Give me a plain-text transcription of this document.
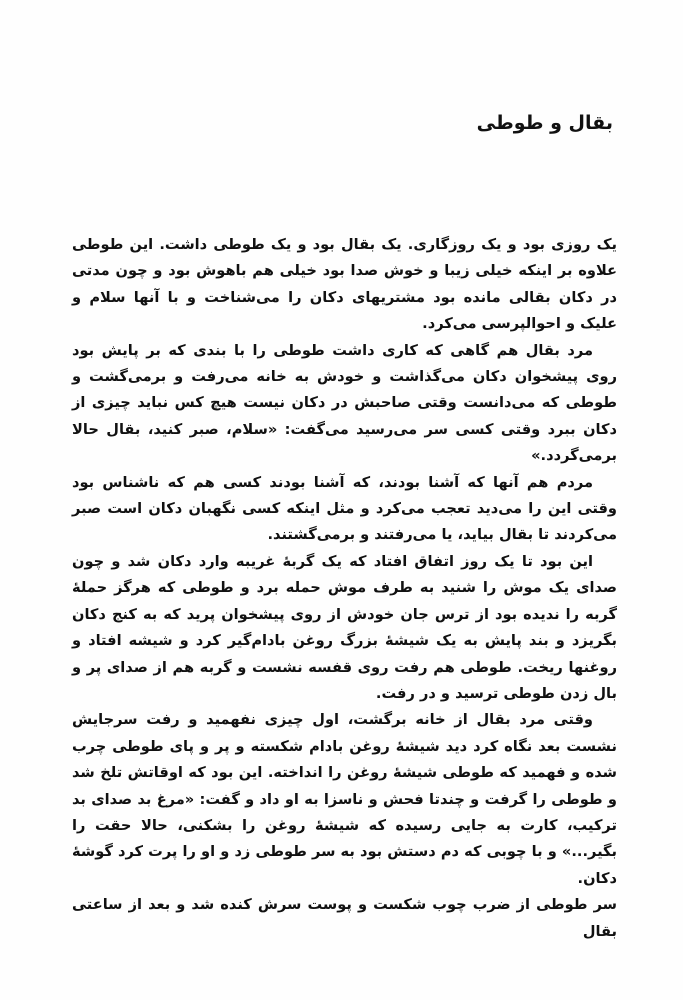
بقال و طوطی

یک روزی بود و یک روزگاری. یک بقال بود و یک طوطی داشت. این طوطی علاوه بر اینکه خیلی زیبا و خوش صدا بود خیلی هم باهوش بود و چون مدتی در دکان بقالی مانده بود مشتریهای دکان را می‌شناخت و با آنها سلام و علیک و احوالپرسی می‌کرد.

مرد بقال هم گاهی که کاری داشت طوطی را با بندی که بر پایش بود روی پیشخوان دکان می‌گذاشت و خودش به خانه می‌رفت و برمی‌گشت و طوطی که می‌دانست وقتی صاحبش در دکان نیست هیچ کس نباید چیزی از دکان ببرد وقتی کسی سر می‌رسید می‌گفت: «سلام، صبر کنید، بقال حالا برمی‌گردد.»

مردم هم آنها که آشنا بودند، که آشنا بودند کسی هم که ناشناس بود وقتی این را می‌دید تعجب می‌کرد و مثل اینکه کسی نگهبان دکان است صبر می‌کردند تا بقال بیاید، یا می‌رفتند و برمی‌گشتند.

این بود تا یک روز اتفاق افتاد که یک گربهٔ غریبه وارد دکان شد و چون صدای یک موش را شنید به طرف موش حمله برد و طوطی که هرگز حملهٔ گربه را ندیده بود از ترس جان خودش از روی پیشخوان پرید که به کنج دکان بگریزد و بند پایش به یک شیشهٔ بزرگ روغن بادام‌گیر کرد و شیشه افتاد و روغنها ریخت. طوطی هم رفت روی قفسه نشست و گربه هم از صدای پر و بال زدن طوطی ترسید و در رفت.

وقتی مرد بقال از خانه برگشت، اول چیزی نفهمید و رفت سرجایش نشست بعد نگاه کرد دید شیشهٔ روغن بادام شکسته و پر و پای طوطی چرب شده و فهمید که طوطی شیشهٔ روغن را انداخته. این بود که اوقاتش تلخ شد و طوطی را گرفت و چندتا فحش و ناسزا به او داد و گفت: «مرغ بد صدای بد ترکیب، کارت به جایی رسیده که شیشهٔ روغن را بشکنی، حالا حقت را بگیر...» و با چوبی که دم دستش بود به سر طوطی زد و او را پرت کرد گوشهٔ دکان.

سر طوطی از ضرب چوب شکست و پوست سرش کنده شد و بعد از ساعتی بقال
